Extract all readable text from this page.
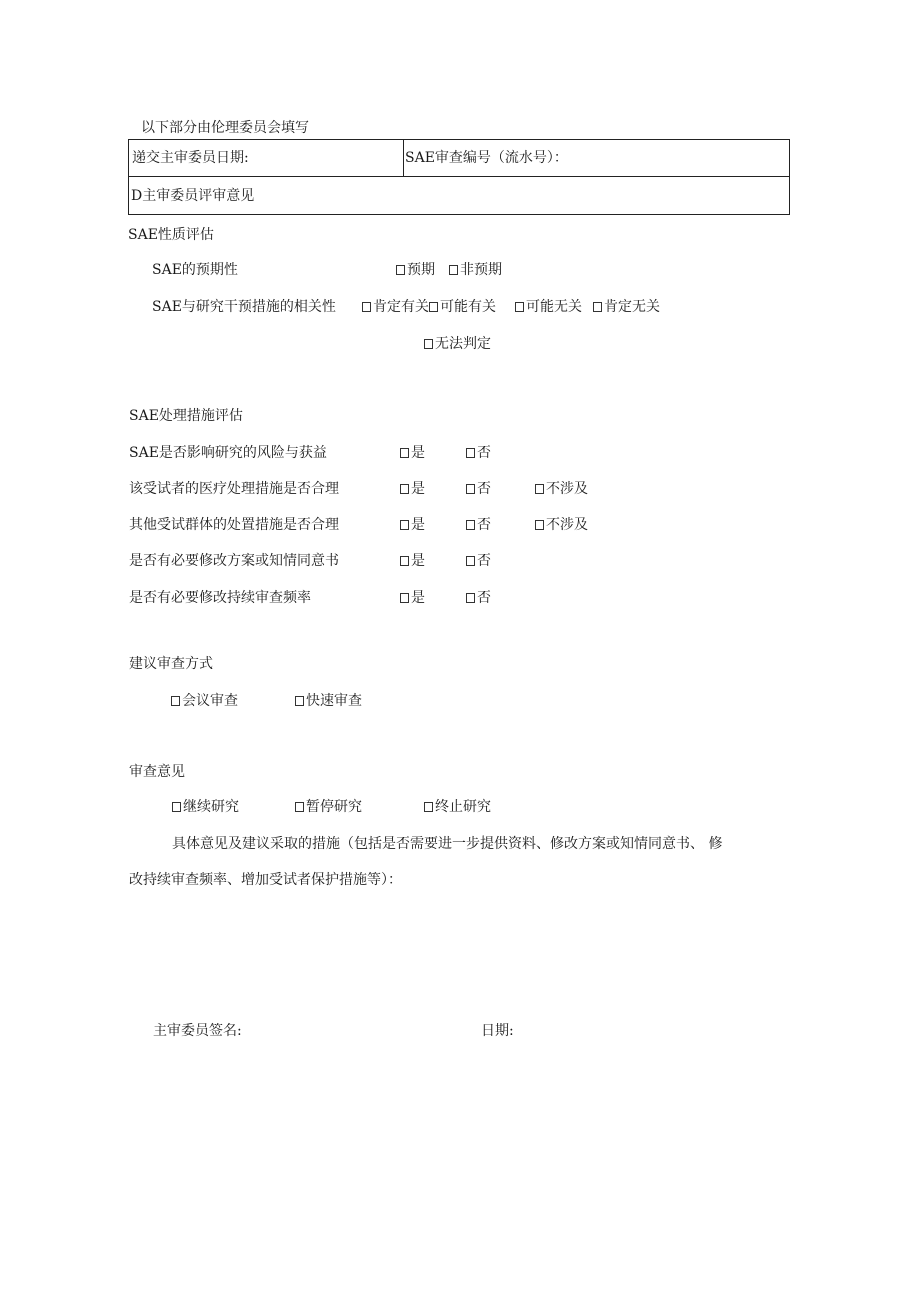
以下部分由伦理委员会填写
递交主审委员日期:	SAE审查编号（流水号）：
D主审委员评审意见
SAE性质评估
SAE的预期性	预期	非预期
SAE与研究干预措施的相关性	肯定有关 可能有关	可能无关	肯定无关
无法判定
SAE处理措施评估
SAE是否影响研究的风险与获益	是	否
该受试者的医疗处理措施是否合理	是	否	不涉及
其他受试群体的处置措施是否合理	是	否	不涉及
是否有必要修改方案或知情同意书	是	否
是否有必要修改持续审查频率	是	否
建议审查方式
会议审查	快速审查
审查意见
继续研究	暂停研究	终止研究
具体意见及建议采取的措施（包括是否需要进一步提供资料、修改方案或知情同意书、 修
改持续审查频率、增加受试者保护措施等）：
主审委员签名:	日期:
